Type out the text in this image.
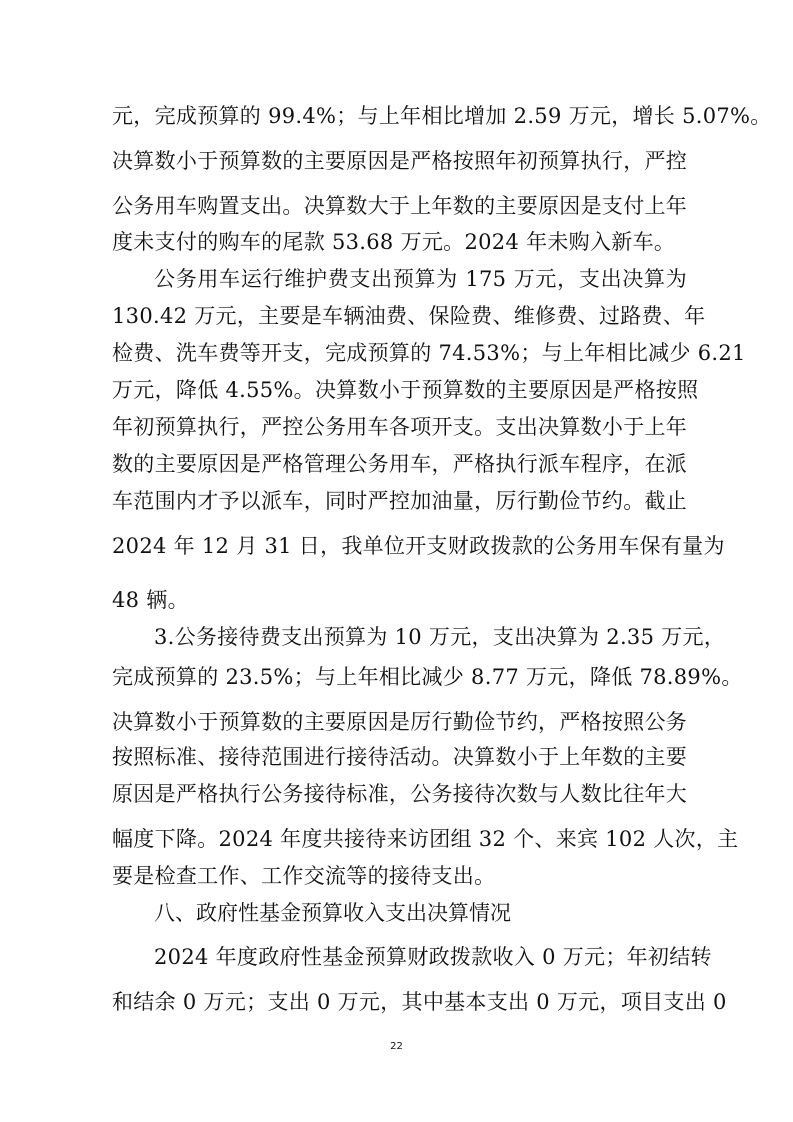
元，完成预算的 99.4%；与上年相比增加 2.59 万元，增长 5.07%。
决算数小于预算数的主要原因是严格按照年初预算执行，严控
公务用车购置支出。决算数大于上年数的主要原因是支付上年
度未支付的购车的尾款 53.68 万元。2024 年未购入新车。
公务用车运行维护费支出预算为 175 万元，支出决算为
130.42 万元，主要是车辆油费、保险费、维修费、过路费、年
检费、洗车费等开支，完成预算的 74.53%；与上年相比减少 6.21
万元，降低 4.55%。决算数小于预算数的主要原因是严格按照
年初预算执行，严控公务用车各项开支。支出决算数小于上年
数的主要原因是严格管理公务用车，严格执行派车程序，在派
车范围内才予以派车，同时严控加油量，厉行勤俭节约。截止
2024 年 12 月 31 日，我单位开支财政拨款的公务用车保有量为
48 辆。
3.公务接待费支出预算为 10 万元，支出决算为 2.35 万元，
完成预算的 23.5%；与上年相比减少 8.77 万元，降低 78.89%。
决算数小于预算数的主要原因是厉行勤俭节约，严格按照公务
按照标准、接待范围进行接待活动。决算数小于上年数的主要
原因是严格执行公务接待标准，公务接待次数与人数比往年大
幅度下降。2024 年度共接待来访团组 32 个、来宾 102 人次，主
要是检查工作、工作交流等的接待支出。
八、政府性基金预算收入支出决算情况
2024 年度政府性基金预算财政拨款收入 0 万元；年初结转
和结余 0 万元；支出 0 万元，其中基本支出 0 万元，项目支出 0
22
